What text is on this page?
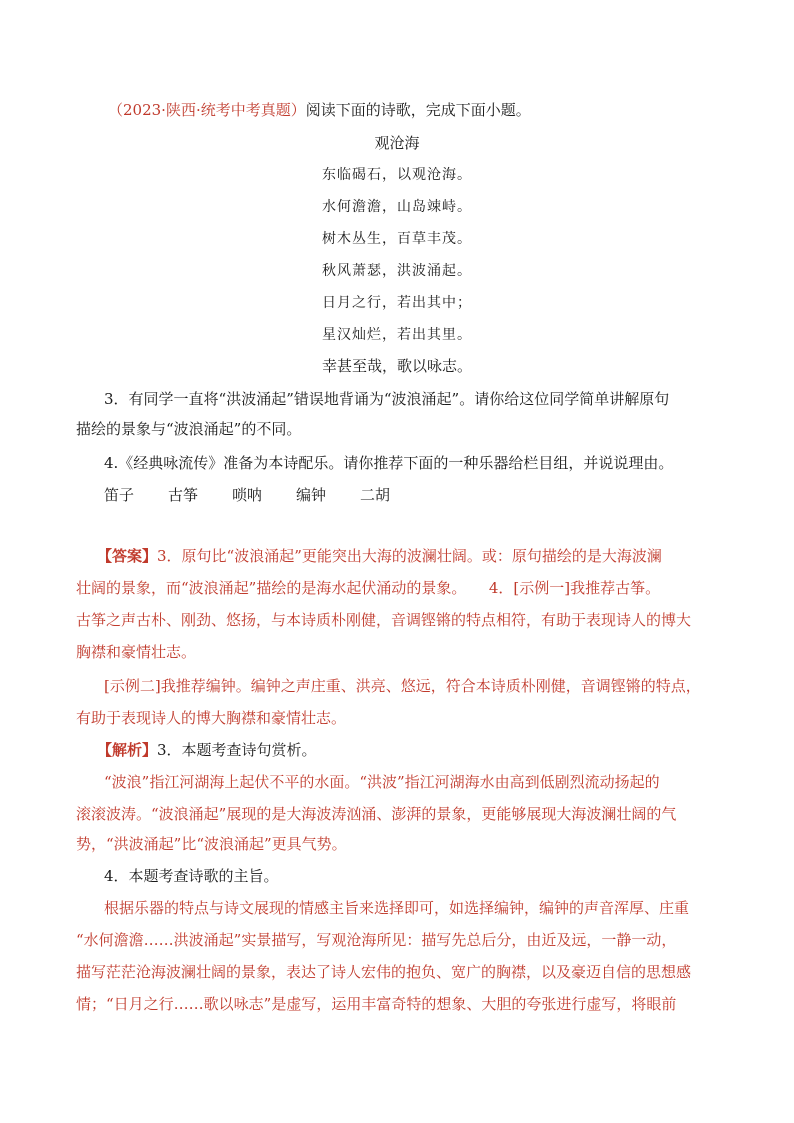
（2023·陕西·统考中考真题）阅读下面的诗歌，完成下面小题。
观沧海
东临碣石，以观沧海。
水何澹澹，山岛竦峙。
树木丛生，百草丰茂。
秋风萧瑟，洪波涌起。
日月之行，若出其中；
星汉灿烂，若出其里。
幸甚至哉，歌以咏志。
3．有同学一直将“洪波涌起”错误地背诵为“波浪涌起”。请你给这位同学简单讲解原句
描绘的景象与“波浪涌起”的不同。
4.《经典咏流传》准备为本诗配乐。请你推荐下面的一种乐器给栏目组，并说说理由。
笛子 古筝 唢呐 编钟 二胡
【答案】3．原句比“波浪涌起”更能突出大海的波澜壮阔。或：原句描绘的是大海波澜
壮阔的景象，而“波浪涌起”描绘的是海水起伏涌动的景象。　　4．[示例一]我推荐古筝。
古筝之声古朴、刚劲、悠扬，与本诗质朴刚健，音调铿锵的特点相符，有助于表现诗人的博大
胸襟和豪情壮志。
[示例二]我推荐编钟。编钟之声庄重、洪亮、悠远，符合本诗质朴刚健，音调铿锵的特点，
有助于表现诗人的博大胸襟和豪情壮志。
【解析】3．本题考查诗句赏析。
“波浪”指江河湖海上起伏不平的水面。“洪波”指江河湖海水由高到低剧烈流动扬起的
滚滚波涛。“波浪涌起”展现的是大海波涛汹涌、澎湃的景象，更能够展现大海波澜壮阔的气
势，“洪波涌起”比“波浪涌起”更具气势。
4．本题考查诗歌的主旨。
根据乐器的特点与诗文展现的情感主旨来选择即可，如选择编钟，编钟的声音浑厚、庄重
“水何澹澹……洪波涌起”实景描写，写观沧海所见：描写先总后分，由近及远，一静一动，
描写茫茫沧海波澜壮阔的景象，表达了诗人宏伟的抱负、宽广的胸襟，以及豪迈自信的思想感
情；“日月之行……歌以咏志”是虚写，运用丰富奇特的想象、大胆的夸张进行虚写，将眼前
